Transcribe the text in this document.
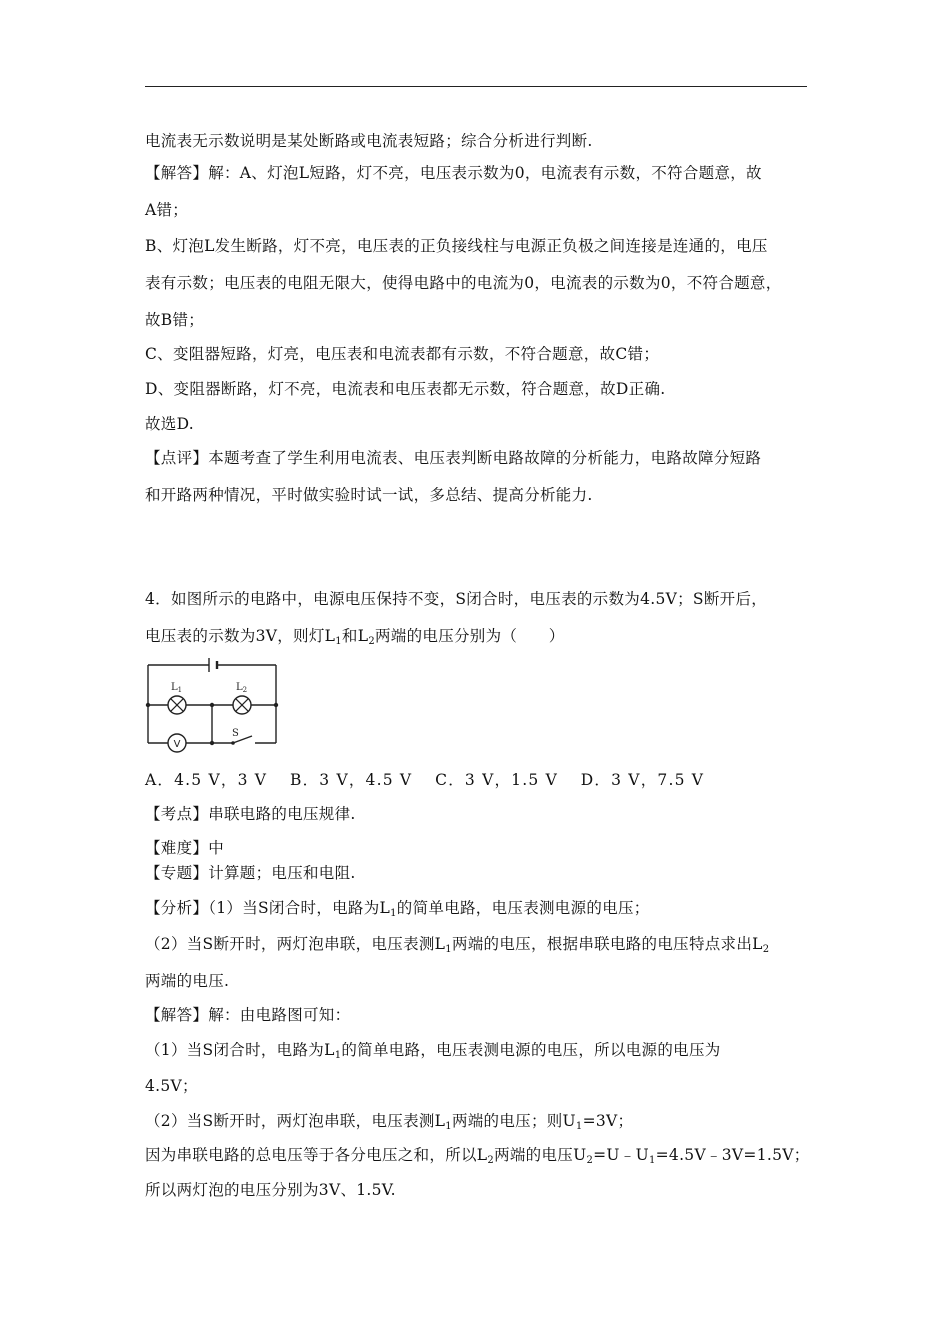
电流表无示数说明是某处断路或电流表短路；综合分析进行判断.
【解答】解：A、灯泡L短路，灯不亮，电压表示数为0，电流表有示数，不符合题意，故
A错；
B、灯泡L发生断路，灯不亮，电压表的正负接线柱与电源正负极之间连接是连通的，电压
表有示数；电压表的电阻无限大，使得电路中的电流为0，电流表的示数为0，不符合题意，
故B错；
C、变阻器短路，灯亮，电压表和电流表都有示数，不符合题意，故C错；
D、变阻器断路，灯不亮，电流表和电压表都无示数，符合题意，故D正确.
故选D.
【点评】本题考查了学生利用电流表、电压表判断电路故障的分析能力，电路故障分短路
和开路两种情况，平时做实验时试一试，多总结、提高分析能力.
4．如图所示的电路中，电源电压保持不变，S闭合时，电压表的示数为4.5V；S断开后，
电压表的示数为3V，则灯$L_1$和$L_2$两端的电压分别为（　　）
V
$L_1$	$L_2$
S
A．4.5 V，3 V　 B．3 V，4.5 V　 C．3 V，1.5 V　 D．3 V，7.5 V
【考点】串联电路的电压规律.
【难度】中
【专题】计算题；电压和电阻.
【分析】（1）当S闭合时，电路为$L_1$的简单电路，电压表测电源的电压；
（2）当S断开时，两灯泡串联，电压表测$L_1$两端的电压，根据串联电路的电压特点求出$L_2$
两端的电压.
【解答】解：由电路图可知：
（1）当S闭合时，电路为$L_1$的简单电路，电压表测电源的电压，所以电源的电压为
4.5V；
（2）当S断开时，两灯泡串联，电压表测$L_1$两端的电压；则$U_1=3V$；
因为串联电路的总电压等于各分电压之和，所以$L_2$两端的电压$U_2=U﹣U_1=4.5V﹣3V=1.5V$；
所以两灯泡的电压分别为3V、1.5V.
